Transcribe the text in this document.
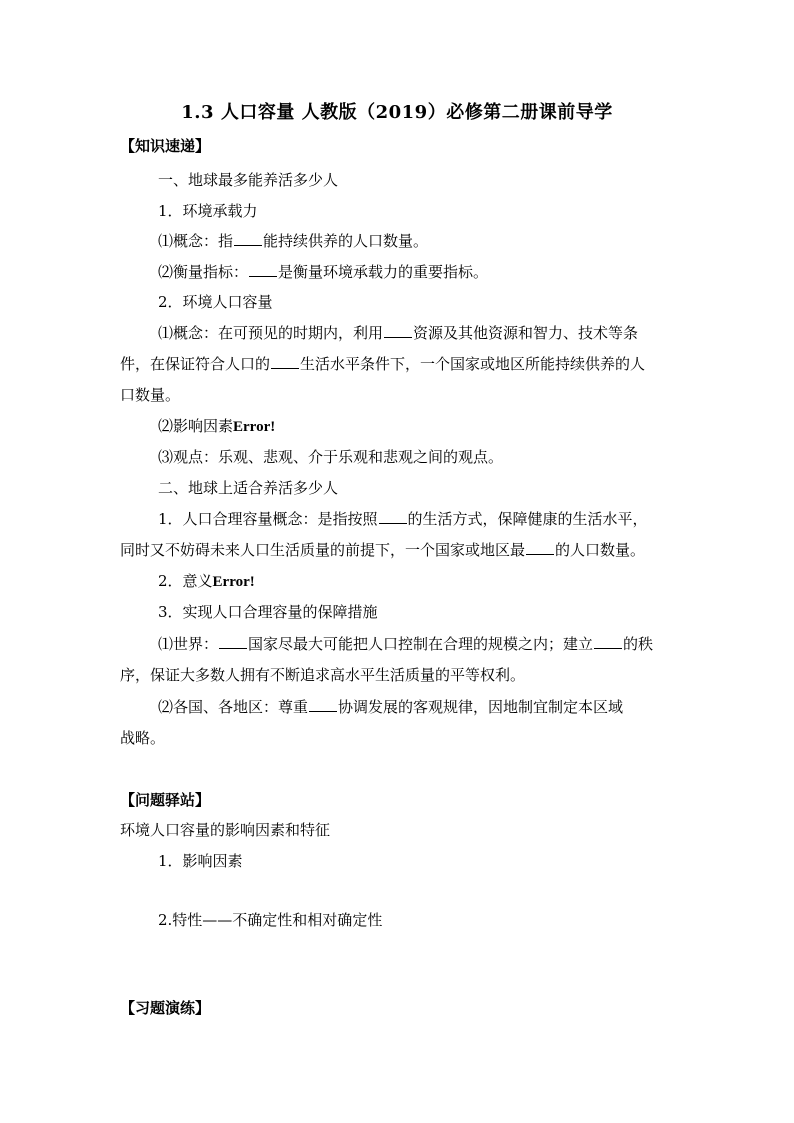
1.3 人口容量 人教版（2019）必修第二册课前导学
【知识速递】
一、地球最多能养活多少人
1．环境承载力
⑴概念：指 能持续供养的人口数量。
⑵衡量指标： 是衡量环境承载力的重要指标。
2．环境人口容量
⑴概念：在可预见的时期内，利用 资源及其他资源和智力、技术等条
件，在保证符合人口的 生活水平条件下，一个国家或地区所能持续供养的人
口数量。
⑵影响因素Error!
⑶观点：乐观、悲观、介于乐观和悲观之间的观点。
二、地球上适合养活多少人
1．人口合理容量概念：是指按照 的生活方式，保障健康的生活水平，
同时又不妨碍未来人口生活质量的前提下，一个国家或地区最 的人口数量。
2．意义Error!
3．实现人口合理容量的保障措施
⑴世界： 国家尽最大可能把人口控制在合理的规模之内；建立 的秩
序，保证大多数人拥有不断追求高水平生活质量的平等权利。
⑵各国、各地区：尊重 协调发展的客观规律，因地制宜制定本区域
战略。
【问题驿站】
环境人口容量的影响因素和特征
1．影响因素
2.特性——不确定性和相对确定性
【习题演练】
